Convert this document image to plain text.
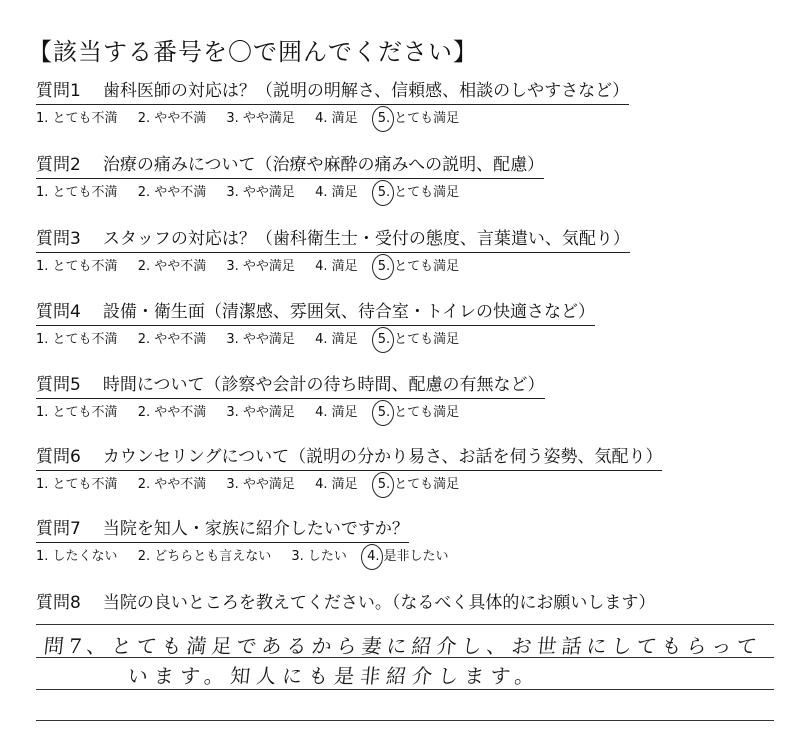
【該当する番号を〇で囲んでください】
質問1 歯科医師の対応は？（説明の明解さ、信頼感、相談のしやすさなど）
1. とても不満 2. やや不満 3. やや満足 4. 満足 5. とても満足
質問2 治療の痛みについて（治療や麻酔の痛みへの説明、配慮）
1. とても不満 2. やや不満 3. やや満足 4. 満足 5. とても満足
質問3 スタッフの対応は？（歯科衛生士・受付の態度、言葉遣い、気配り）
1. とても不満 2. やや不満 3. やや満足 4. 満足 5. とても満足
質問4 設備・衛生面（清潔感、雰囲気、待合室・トイレの快適さなど）
1. とても不満 2. やや不満 3. やや満足 4. 満足 5. とても満足
質問5 時間について（診察や会計の待ち時間、配慮の有無など）
1. とても不満 2. やや不満 3. やや満足 4. 満足 5. とても満足
質問6 カウンセリングについて（説明の分かり易さ、お話を伺う姿勢、気配り）
1. とても不満 2. やや不満 3. やや満足 4. 満足 5. とても満足
質問7 当院を知人・家族に紹介したいですか？
1. したくない 2. どちらとも言えない 3. したい 4. 是非したい
質問8 当院の良いところを教えてください。（なるべく具体的にお願いします）
問7、とても満足であるから妻に紹介し、お世話にしてもらって
います。知人にも是非紹介します。
